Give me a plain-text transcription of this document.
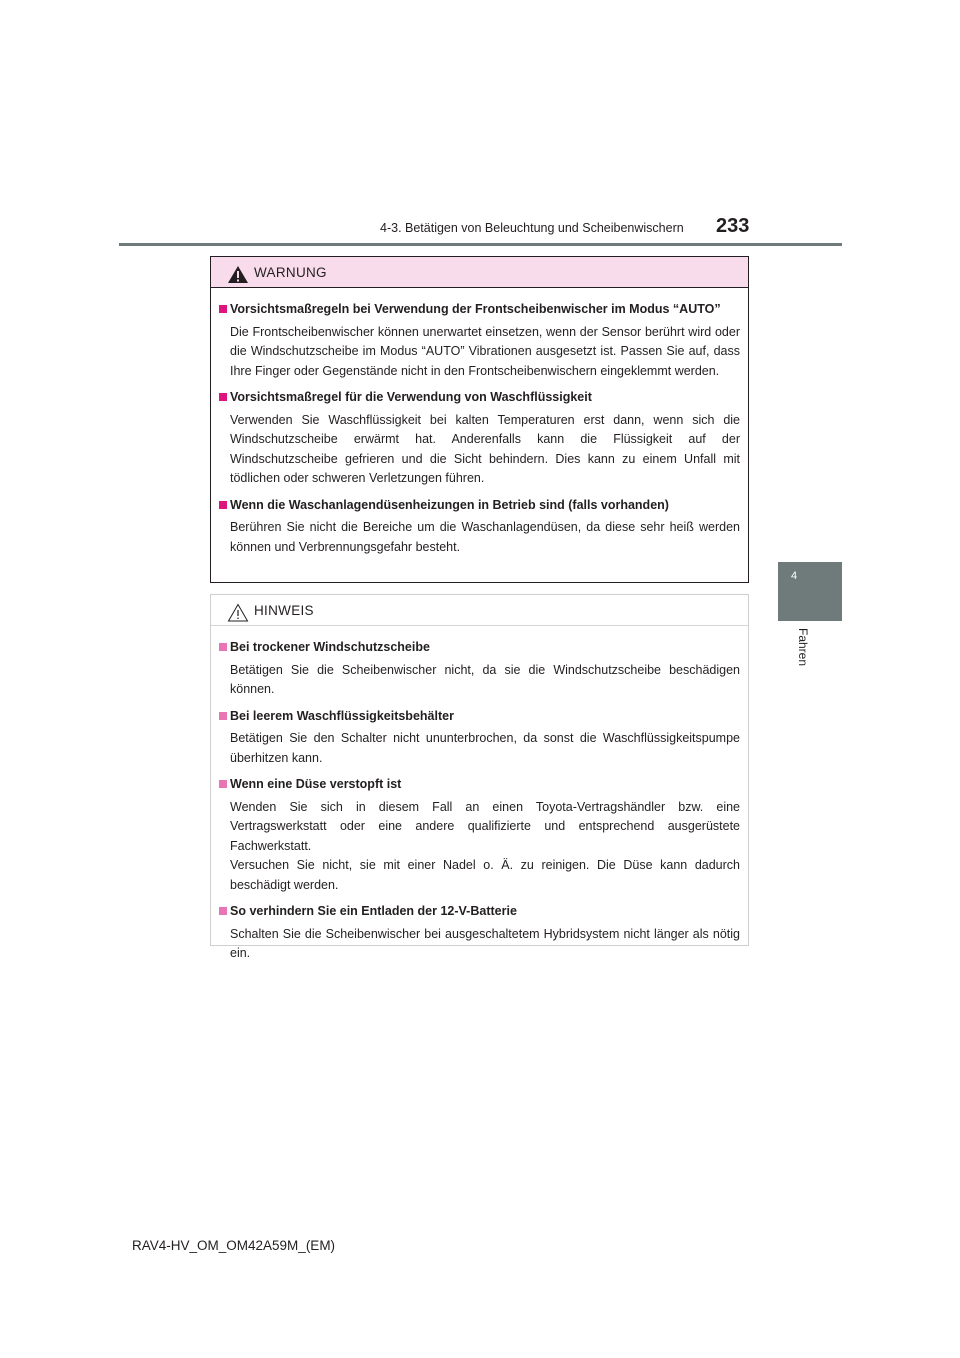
4-3. Betätigen von Beleuchtung und Scheibenwischern	233
4
Fahren
WARNUNG
Vorsichtsmaßregeln bei Verwendung der Frontscheibenwischer im Modus “AUTO”

Die Frontscheibenwischer können unerwartet einsetzen, wenn der Sensor berührt wird oder die Windschutzscheibe im Modus “AUTO” Vibrationen ausgesetzt ist. Passen Sie auf, dass Ihre Finger oder Gegenstände nicht in den Frontscheibenwischern eingeklemmt werden.

Vorsichtsmaßregel für die Verwendung von Waschflüssigkeit

Verwenden Sie Waschflüssigkeit bei kalten Temperaturen erst dann, wenn sich die Windschutzscheibe erwärmt hat. Anderenfalls kann die Flüssigkeit auf der Windschutzscheibe gefrieren und die Sicht behindern. Dies kann zu einem Unfall mit tödlichen oder schweren Verletzungen führen.

Wenn die Waschanlagendüsenheizungen in Betrieb sind (falls vorhanden)

Berühren Sie nicht die Bereiche um die Waschanlagendüsen, da diese sehr heiß werden können und Verbrennungsgefahr besteht.

HINWEIS
Bei trockener Windschutzscheibe

Betätigen Sie die Scheibenwischer nicht, da sie die Windschutzscheibe beschädigen können.

Bei leerem Waschflüssigkeitsbehälter

Betätigen Sie den Schalter nicht ununterbrochen, da sonst die Waschflüssigkeitspumpe überhitzen kann.

Wenn eine Düse verstopft ist

Wenden Sie sich in diesem Fall an einen Toyota-Vertragshändler bzw. eine Vertragswerkstatt oder eine andere qualifizierte und entsprechend ausgerüstete Fachwerkstatt.

Versuchen Sie nicht, sie mit einer Nadel o. Ä. zu reinigen. Die Düse kann dadurch beschädigt werden.

So verhindern Sie ein Entladen der 12-V-Batterie

Schalten Sie die Scheibenwischer bei ausgeschaltetem Hybridsystem nicht länger als nötig ein.

RAV4-HV_OM_OM42A59M_(EM)
